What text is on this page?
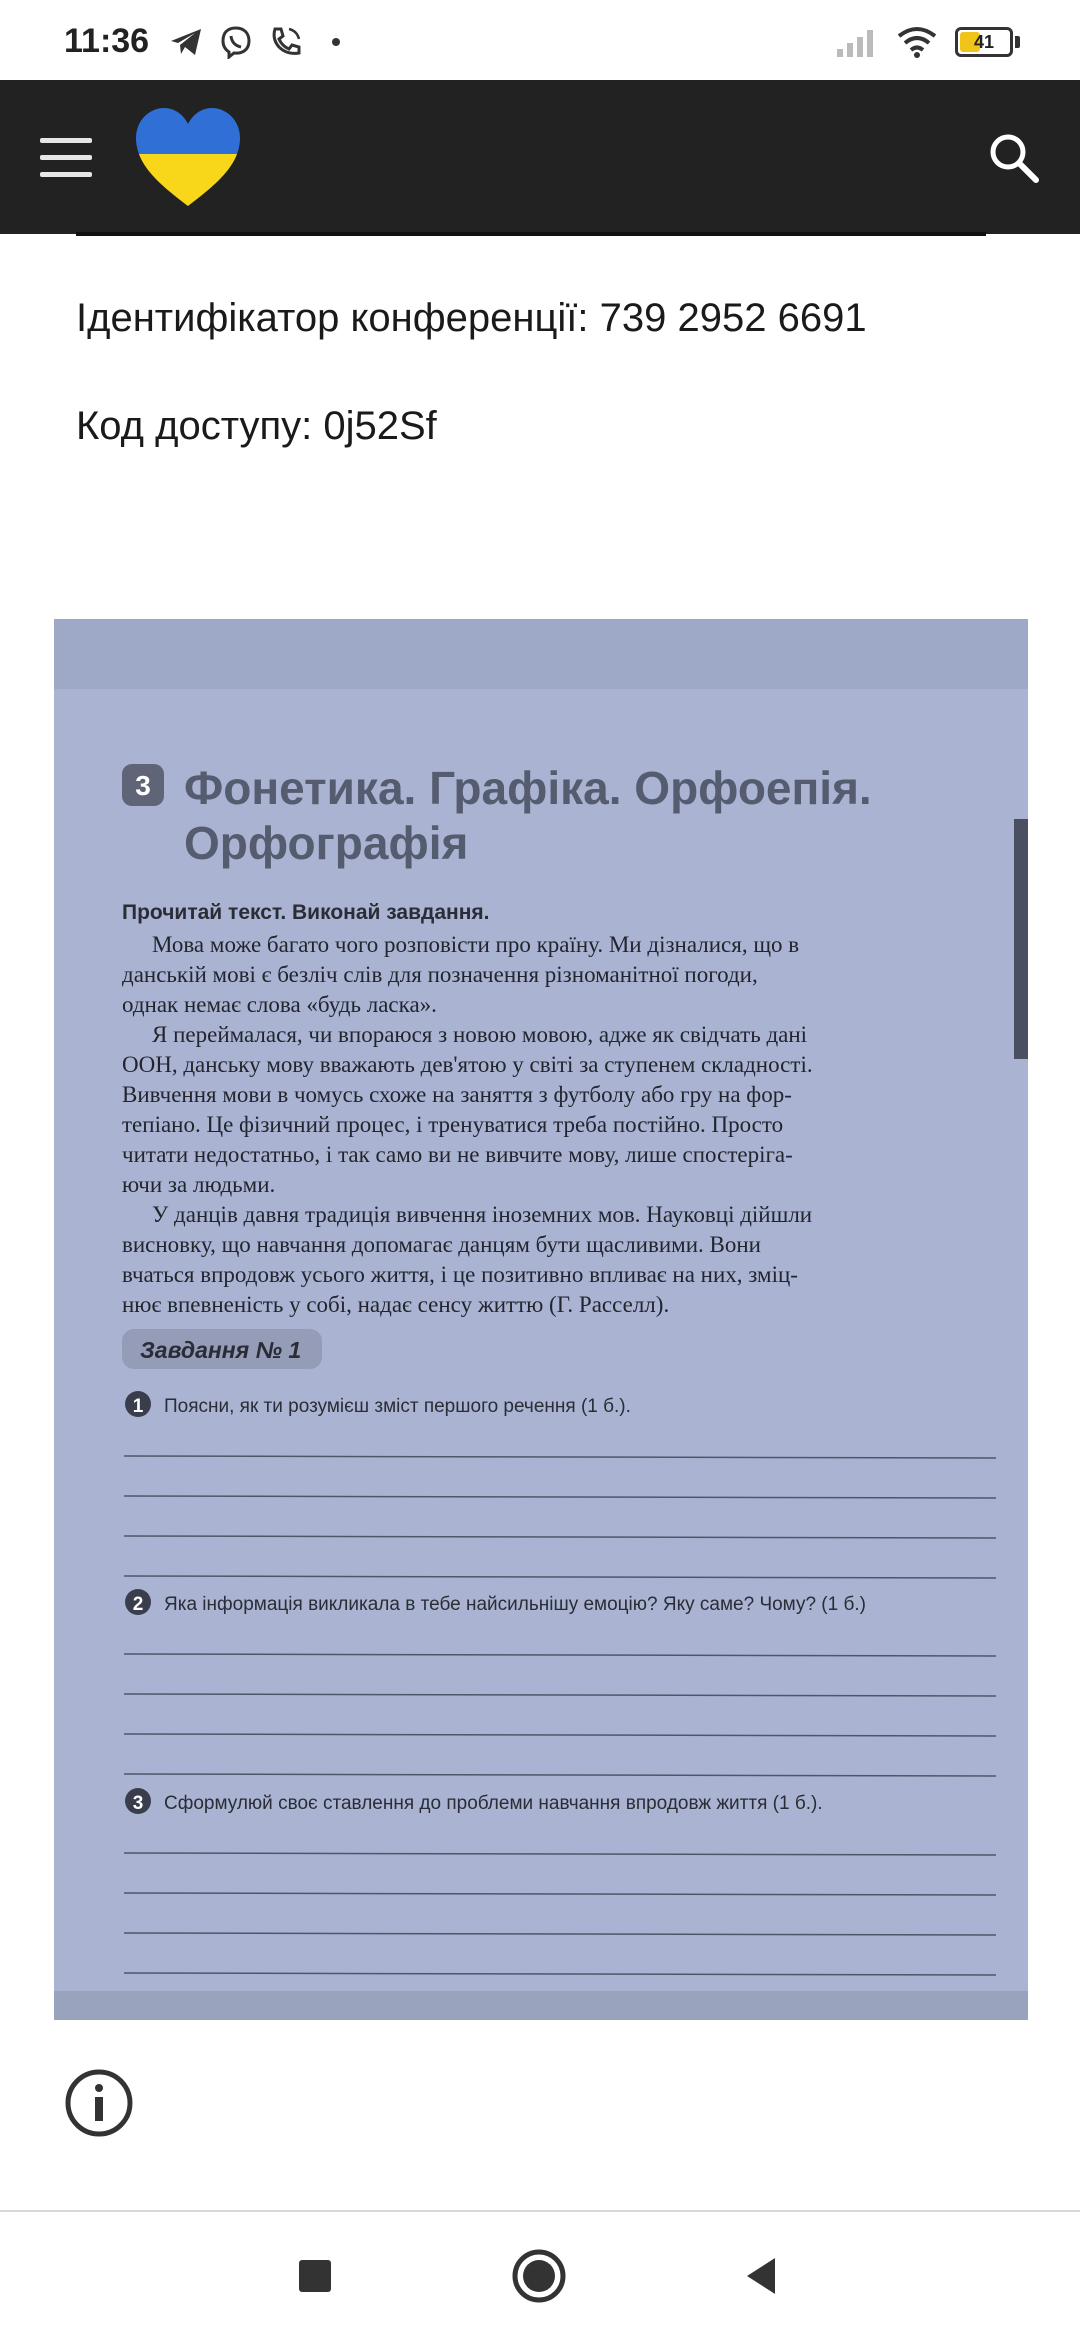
11:36	41
Ідентифікатор конференції: 739 2952 6691
Код доступу: 0j52Sf
3 Фонетика. Графіка. Орфоепія.
Орфографія
Прочитай текст. Виконай завдання.
Мова може багато чого розповісти про країну. Ми дізналися, що в
данській мові є безліч слів для позначення різноманітної погоди,
однак немає слова «будь ласка».
Я переймалася, чи впораюся з новою мовою, адже як свідчать дані
ООН, данську мову вважають дев'ятою у світі за ступенем складності.
Вивчення мови в чомусь схоже на заняття з футболу або гру на фор-
тепіано. Це фізичний процес, і тренуватися треба постійно. Просто
читати недостатньо, і так само ви не вивчите мову, лише спостеріга-
ючи за людьми.
У данців давня традиція вивчення іноземних мов. Науковці дійшли
висновку, що навчання допомагає данцям бути щасливими. Вони
вчаться впродовж усього життя, і це позитивно впливає на них, зміц-
нює впевненість у собі, надає сенсу життю (Г. Расселл).
Завдання № 1
1 Поясни, як ти розумієш зміст першого речення (1 б.).
2 Яка інформація викликала в тебе найсильнішу емоцію? Яку саме? Чому? (1 б.)
3 Сформулюй своє ставлення до проблеми навчання впродовж життя (1 б.).
